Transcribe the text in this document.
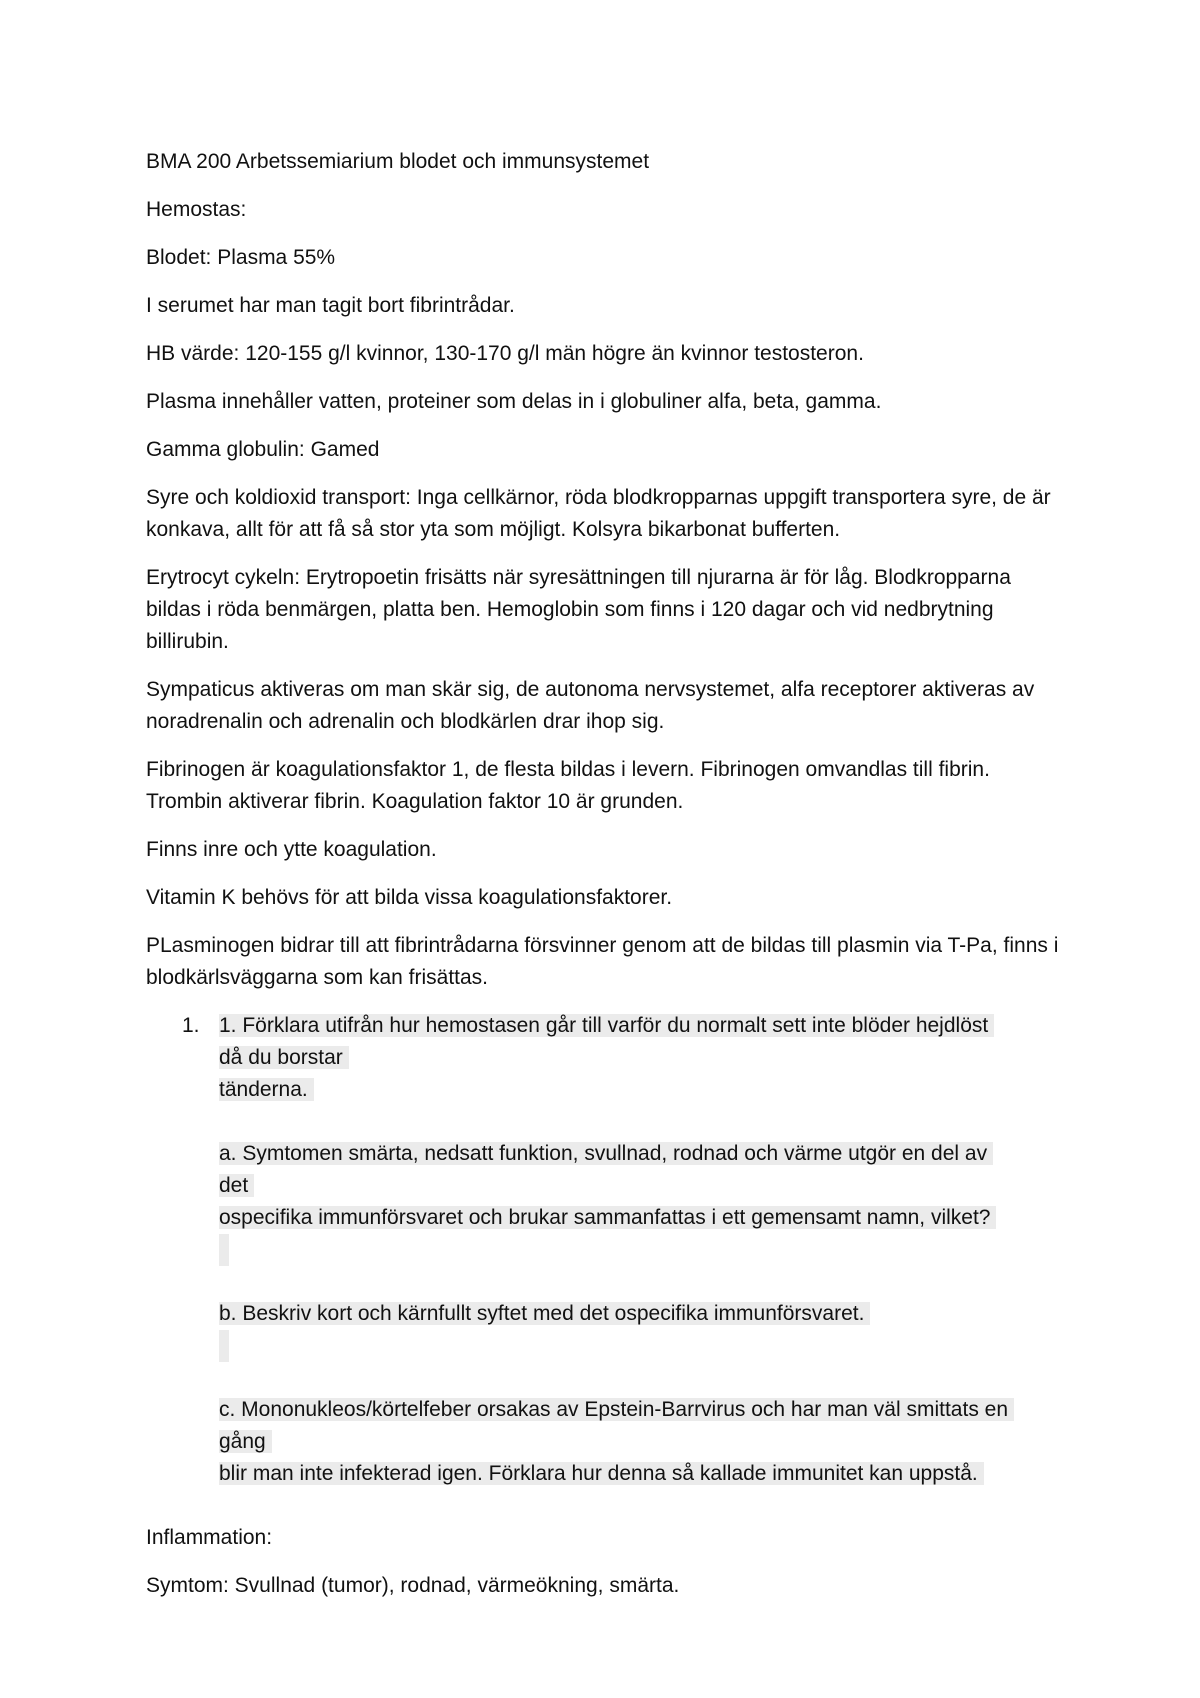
BMA 200 Arbetssemiarium blodet och immunsystemet

Hemostas:

Blodet: Plasma 55%

I serumet har man tagit bort fibrintrådar.

HB värde: 120-155 g/l kvinnor, 130-170 g/l män högre än kvinnor testosteron.

Plasma innehåller vatten, proteiner som delas in i globuliner alfa, beta, gamma.

Gamma globulin: Gamed

Syre och koldioxid transport: Inga cellkärnor, röda blodkropparnas uppgift transportera syre, de är konkava, allt för att få så stor yta som möjligt. Kolsyra bikarbonat bufferten.

Erytrocyt cykeln: Erytropoetin frisätts när syresättningen till njurarna är för låg. Blodkropparna bildas i röda benmärgen, platta ben. Hemoglobin som finns i 120 dagar och vid nedbrytning billirubin.

Sympaticus aktiveras om man skär sig, de autonoma nervsystemet, alfa receptorer aktiveras av noradrenalin och adrenalin och blodkärlen drar ihop sig.

Fibrinogen är koagulationsfaktor 1, de flesta bildas i levern. Fibrinogen omvandlas till fibrin. Trombin aktiverar fibrin. Koagulation faktor 10 är grunden.

Finns inre och ytte koagulation.

Vitamin K behövs för att bilda vissa koagulationsfaktorer.

PLasminogen bidrar till att fibrintrådarna försvinner genom att de bildas till plasmin via T-Pa, finns i blodkärlsväggarna som kan frisättas.

1. 1. Förklara utifrån hur hemostasen går till varför du normalt sett inte blöder hejdlöst
då du borstar
tänderna.
a. Symtomen smärta, nedsatt funktion, svullnad, rodnad och värme utgör en del av
det
ospecifika immunförsvaret och brukar sammanfattas i ett gemensamt namn, vilket?
b. Beskriv kort och kärnfullt syftet med det ospecifika immunförsvaret.
c. Mononukleos/körtelfeber orsakas av Epstein-Barrvirus och har man väl smittats en
gång
blir man inte infekterad igen. Förklara hur denna så kallade immunitet kan uppstå.

Inflammation:

Symtom: Svullnad (tumor), rodnad, värmeökning, smärta.
